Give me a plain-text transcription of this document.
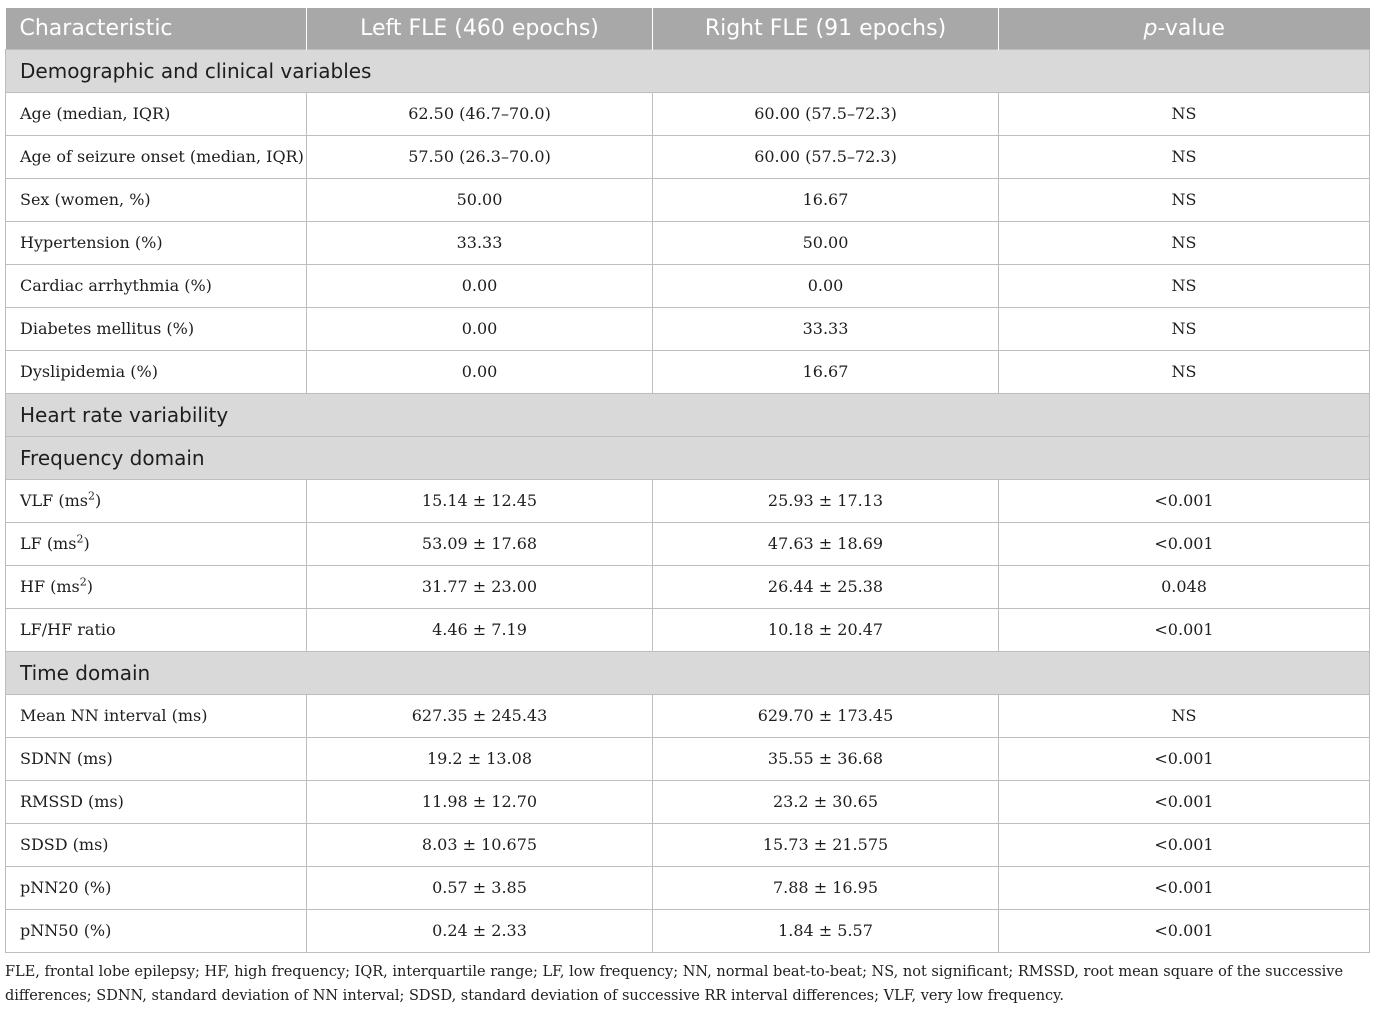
Characteristic	Left FLE (460 epochs)	Right FLE (91 epochs)	p-value
Demographic and clinical variables			
Age (median, IQR)	62.50 (46.7–70.0)	60.00 (57.5–72.3)	NS
Age of seizure onset (median, IQR)	57.50 (26.3–70.0)	60.00 (57.5–72.3)	NS
Sex (women, %)	50.00	16.67	NS
Hypertension (%)	33.33	50.00	NS
Cardiac arrhythmia (%)	0.00	0.00	NS
Diabetes mellitus (%)	0.00	33.33	NS
Dyslipidemia (%)	0.00	16.67	NS
Heart rate variability			
Frequency domain			
VLF $(ms^2)$	15.14 ± 12.45	25.93 ± 17.13	<0.001
LF $(ms^2)$	53.09 ± 17.68	47.63 ± 18.69	<0.001
HF $(ms^2)$	31.77 ± 23.00	26.44 ± 25.38	0.048
LF/HF ratio	4.46 ± 7.19	10.18 ± 20.47	<0.001
Time domain			
Mean NN interval (ms)	627.35 ± 245.43	629.70 ± 173.45	NS
SDNN (ms)	19.2 ± 13.08	35.55 ± 36.68	<0.001
RMSSD (ms)	11.98 ± 12.70	23.2 ± 30.65	<0.001
SDSD (ms)	8.03 ± 10.675	15.73 ± 21.575	<0.001
pNN20 (%)	0.57 ± 3.85	7.88 ± 16.95	<0.001
pNN50 (%)	0.24 ± 2.33	1.84 ± 5.57	<0.001
FLE, frontal lobe epilepsy; HF, high frequency; IQR, interquartile range; LF, low frequency; NN, normal beat-to-beat; NS, not significant; RMSSD, root mean square of the successive differences; SDNN, standard deviation of NN interval; SDSD, standard deviation of successive RR interval differences; VLF, very low frequency.
